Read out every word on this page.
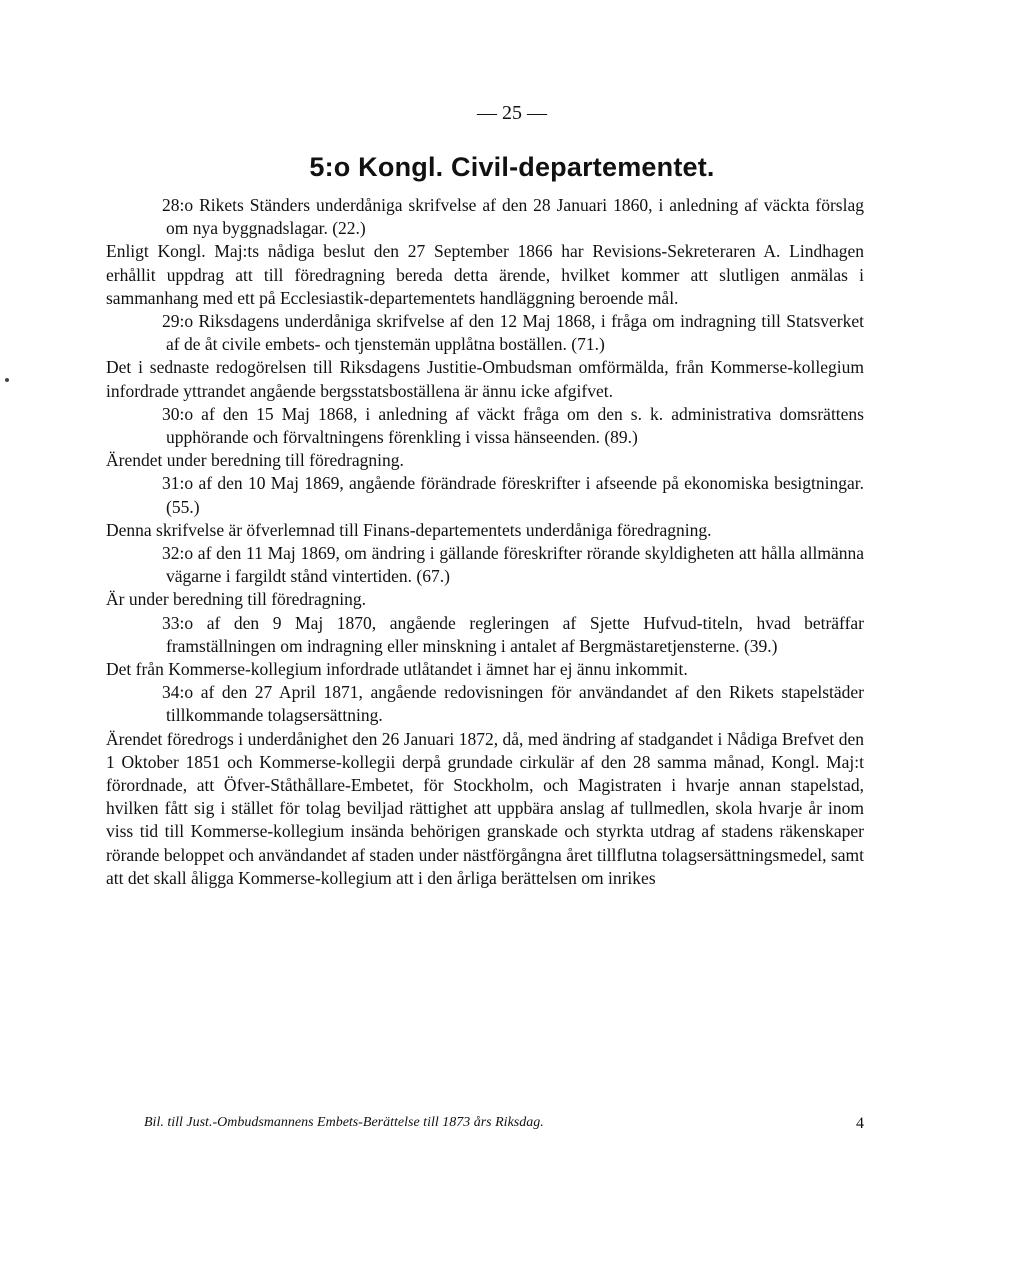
— 25 —
5:o Kongl. Civil-departementet.

28:o Rikets Ständers underdåniga skrifvelse af den 28 Januari 1860, i anledning af väckta förslag om nya byggnadslagar. (22.)

Enligt Kongl. Maj:ts nådiga beslut den 27 September 1866 har Revisions-Sekreteraren A. Lindhagen erhållit uppdrag att till föredragning bereda detta ärende, hvilket kommer att slutligen anmälas i sammanhang med ett på Ecclesiastik-departementets handläggning beroende mål.

29:o Riksdagens underdåniga skrifvelse af den 12 Maj 1868, i fråga om indragning till Statsverket af de åt civile embets- och tjenstemän upplåtna boställen. (71.)

Det i sednaste redogörelsen till Riksdagens Justitie-Ombudsman omförmälda, från Kommerse-kollegium infordrade yttrandet angående bergsstatsboställena är ännu icke afgifvet.

30:o af den 15 Maj 1868, i anledning af väckt fråga om den s. k. administrativa domsrättens upphörande och förvaltningens förenkling i vissa hänseenden. (89.)

Ärendet under beredning till föredragning.

31:o af den 10 Maj 1869, angående förändrade föreskrifter i afseende på ekonomiska besigtningar. (55.)

Denna skrifvelse är öfverlemnad till Finans-departementets underdåniga föredragning.

32:o af den 11 Maj 1869, om ändring i gällande föreskrifter rörande skyldigheten att hålla allmänna vägarne i fargildt stånd vintertiden. (67.)

Är under beredning till föredragning.

33:o af den 9 Maj 1870, angående regleringen af Sjette Hufvud-titeln, hvad beträffar framställningen om indragning eller minskning i antalet af Bergmästaretjensterne. (39.)

Det från Kommerse-kollegium infordrade utlåtandet i ämnet har ej ännu inkommit.

34:o af den 27 April 1871, angående redovisningen för användandet af den Rikets stapelstäder tillkommande tolagsersättning.

Ärendet föredrogs i underdånighet den 26 Januari 1872, då, med ändring af stadgandet i Nådiga Brefvet den 1 Oktober 1851 och Kommerse-kollegii derpå grundade cirkulär af den 28 samma månad, Kongl. Maj:t förordnade, att Öfver-Ståthållare-Embetet, för Stockholm, och Magistraten i hvarje annan stapelstad, hvilken fått sig i stället för tolag beviljad rättighet att uppbära anslag af tullmedlen, skola hvarje år inom viss tid till Kommerse-kollegium insända behörigen granskade och styrkta utdrag af stadens räkenskaper rörande beloppet och användandet af staden under nästförgångna året tillflutna tolagsersättningsmedel, samt att det skall åligga Kommerse-kollegium att i den årliga berättelsen om inrikes

Bil. till Just.-Ombudsmannens Embets-Berättelse till 1873 års Riksdag.	4
